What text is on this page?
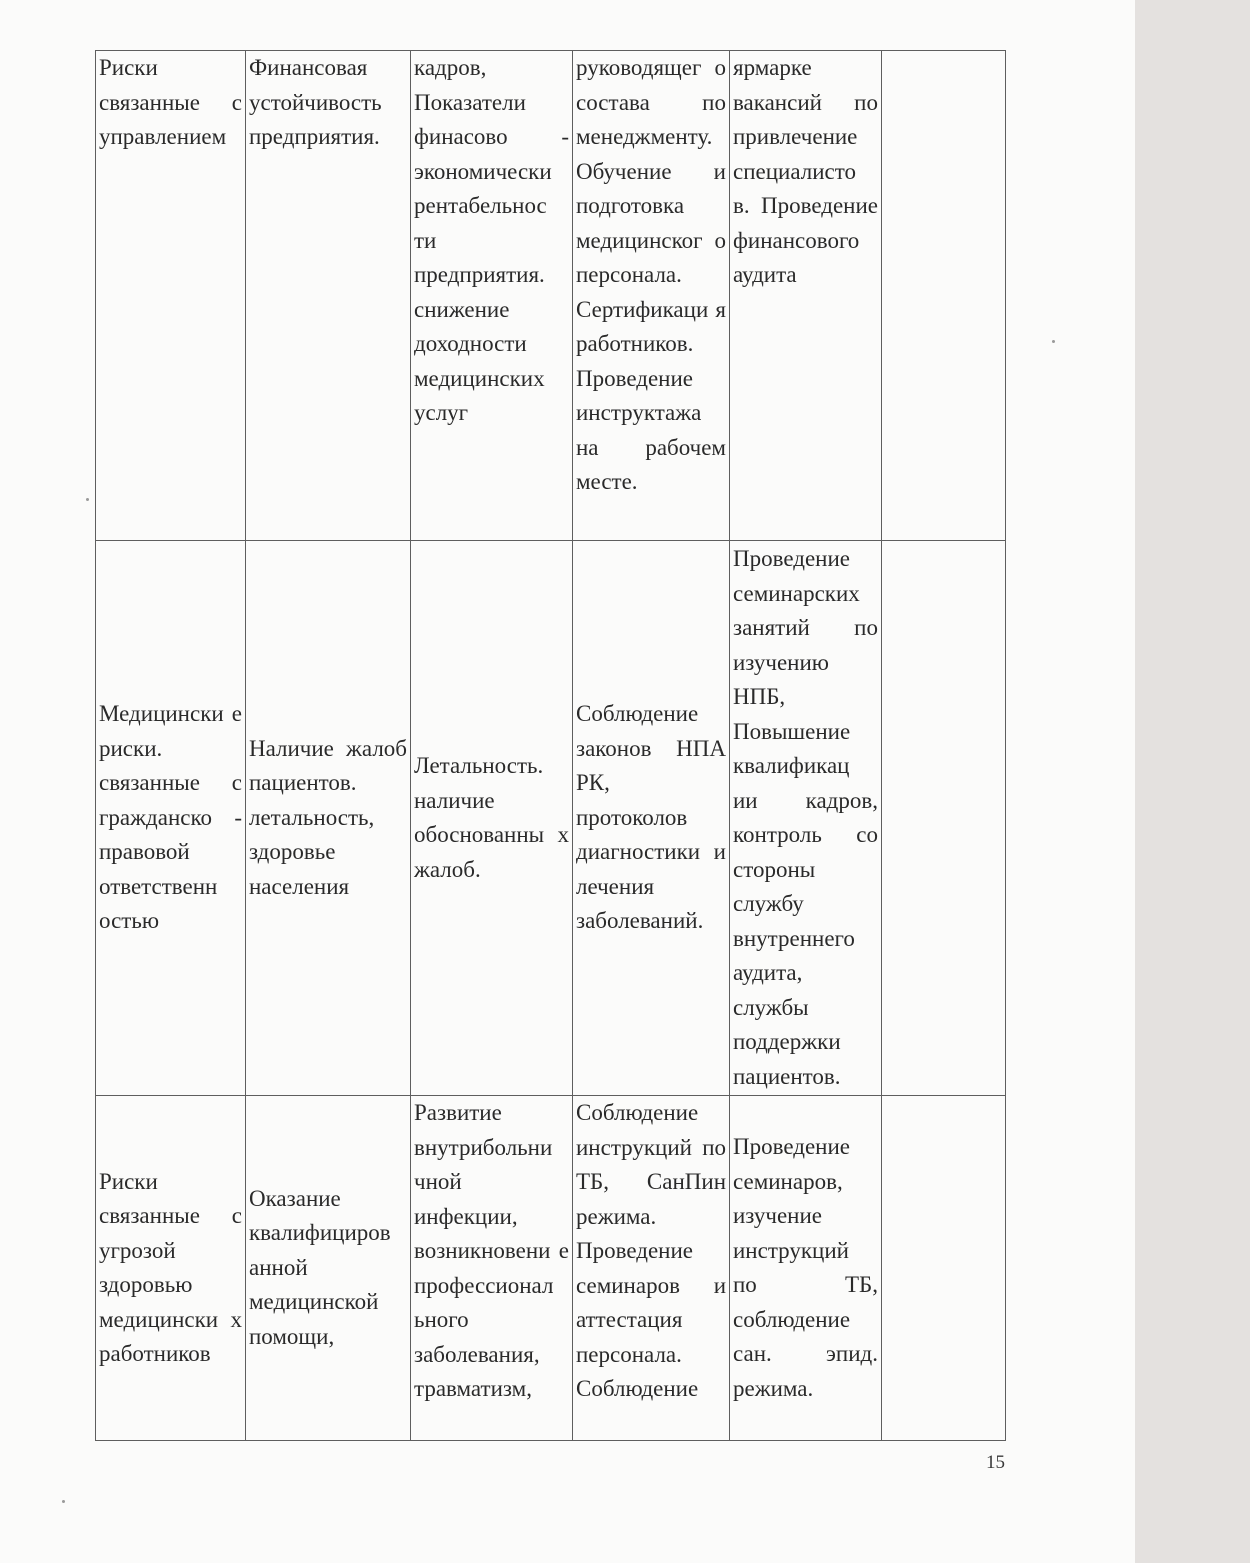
Риски связанные с управлением	Финансовая устойчивость предприятия.	кадров, Показатели финасово - экономически рентабельнос ти предприятия. снижение доходности медицинских услуг	руководящег о состава по менеджменту. Обучение и подготовка медицинског о персонала. Сертификаци я работников. Проведение инструктажа на рабочем месте.	ярмарке вакансий по привлечение специалисто в. Проведение финансового аудита	
Медицински е риски. связанные с гражданско - правовой ответственн остью	Наличие жалоб пациентов. летальность, здоровье населения	Летальность. наличие обоснованны х жалоб.	Соблюдение законов НПА РК, протоколов диагностики и лечения заболеваний.	Проведение семинарских занятий по изучению НПБ, Повышение квалификац ии кадров, контроль со стороны службу внутреннего аудита, службы поддержки пациентов.	
Риски связанные с угрозой здоровью медицински х работников	Оказание квалифициров анной медицинской помощи,	Развитие внутрибольни чной инфекции, возникновени е профессионал ьного заболевания, травматизм,	Соблюдение инструкций по ТБ, СанПин режима. Проведение семинаров и аттестация персонала. Соблюдение	Проведение семинаров, изучение инструкций по ТБ, соблюдение сан. эпид. режима.	
15
